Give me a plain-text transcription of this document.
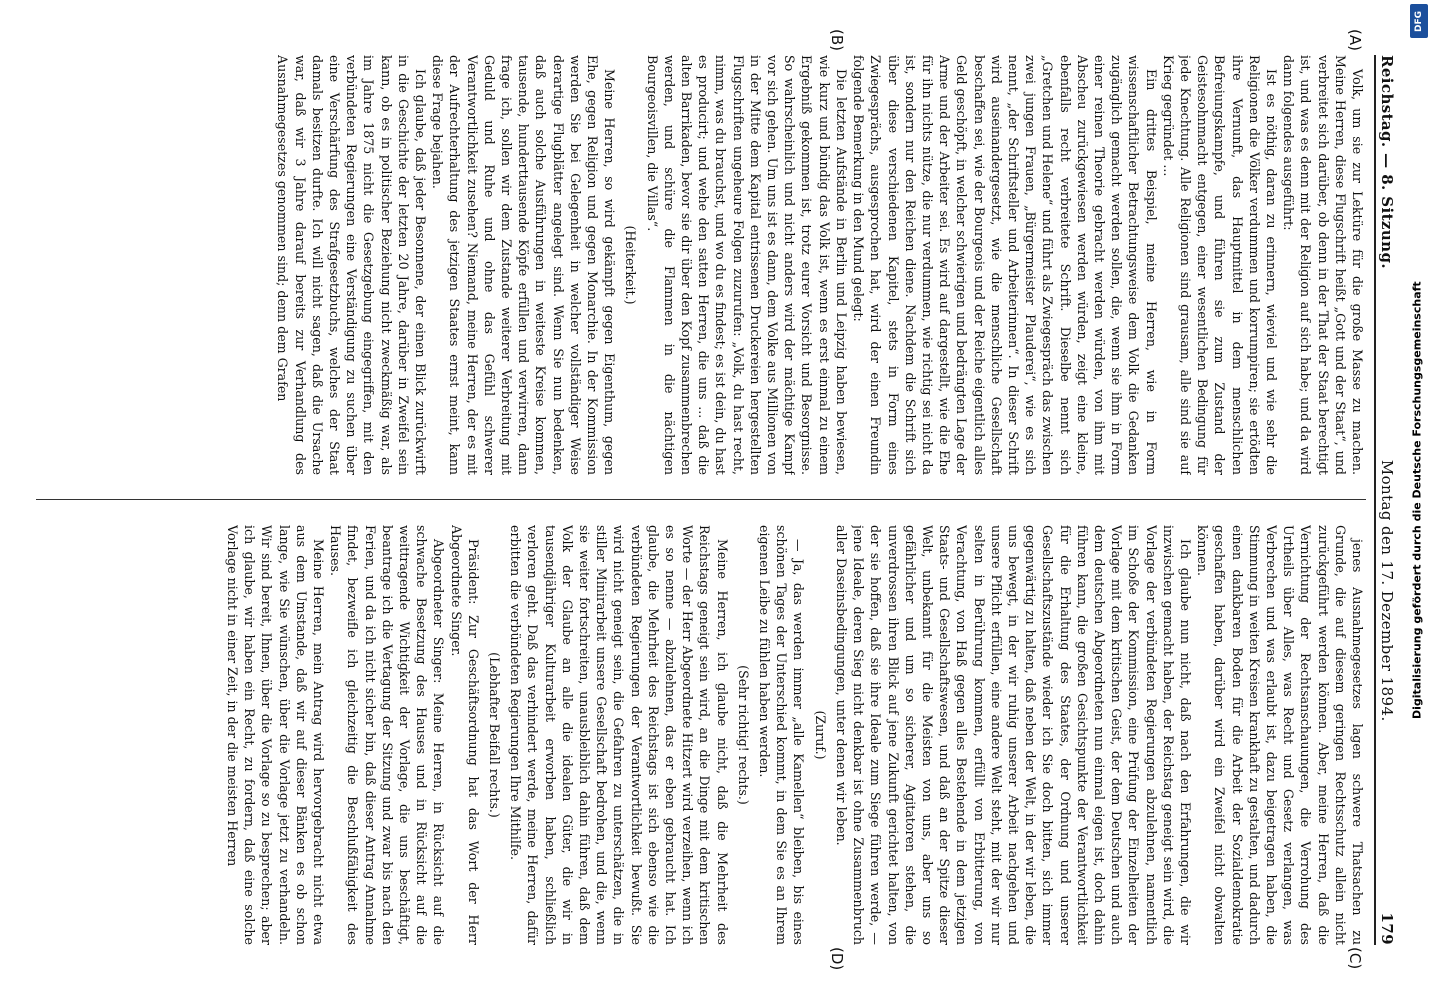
DFG
Digitalisierung gefördert durch die Deutsche Forschungsgemeinschaft
Reichstag. — 8. Sitzung.
Montag den 17. Dezember 1894.
179
(A)
(B)
(C)
(D)

Volk, um sie zur Lektüre für die große Masse zu machen. Meine Herren, diese Flugschrift heißt „Gott und der Staat“, und verbreitet sich darüber, ob denn in der That der Staat berechtigt ist, und was es denn mit der Religion auf sich habe; und da wird dann folgendes ausgeführt:

Ist es nöthig, daran zu erinnern, wieviel und wie sehr die Religionen die Völker verdummen und korrumpiren; sie ertödten ihre Vernunft, das Hauptmittel in dem menschlichen Befreiungskampfe, und führen sie zum Zustand der Geistesohnmacht entgegen, einer wesentlichen Bedingung für jede Knechtung. Alle Religionen sind grausam, alle sind sie auf Krieg gegründet ...

Ein drittes Beispiel, meine Herren, wie in Form wissenschaftlicher Betrachtungsweise dem Volk die Gedanken zugänglich gemacht werden sollen, die, wenn sie ihm in Form einer reinen Theorie gebracht werden würden, von ihm mit Abscheu zurückgewiesen werden würden, zeigt eine kleine, ebenfalls recht verbreitete Schrift. Dieselbe nennt sich „Gretchen und Helene“ und führt als Zwiegespräch das zwischen zwei jungen Frauen, „Bürgermeister Plauderei“, wie es sich nennt, „der Schriftsteller und Arbeiterinnen“. In dieser Schrift wird auseinandergesetzt, wie die menschliche Gesellschaft beschaffen sei, wie der Bourgeois und der Reiche eigentlich alles Geld geschöpft, in welcher schwierigen und bedrängten Lage der Arme und der Arbeiter sei. Es wird auf dargestellt, wie die Ehe für ihn nichts nütze, die nur verdummen, wie richtig sei nicht da ist, sondern nur den Reichen diene. Nachdem die Schrift sich über diese verschiedenen Kapitel, stets in Form eines Zwiegesprächs, ausgesprochen hat, wird der einen Freundin folgende Bemerkung in den Mund gelegt:

Die letzten Aufstände in Berlin und Leipzig haben bewiesen, wie kurz und bündig das Volk ist, wenn es erst einmal zu einem Ergebniß gekommen ist, trotz eurer Vorsicht und Besorgnisse. So wahrscheinlich und nicht anders wird der mächtige Kampf vor sich gehen. Um uns ist es dann, dem Volke aus Millionen von in der Mitte dem Kapital entrissenen Druckereien hergestellten Flugschriften ungeheure Folgen zuzurufen: „Volk, du hast recht, nimm, was du brauchst, und wo du es findest; es ist dein, du hast es producirt; und wehe den satten Herren, die uns ... daß die alten Barrikaden, bevor sie dir über den Kopf zusammenbrechen werden, und schüre die Flammen in die nächtigen Bourgeoisvillen, die Villas“.

(Heiterkeit.)

Meine Herren, so wird gekämpft gegen Eigenthum, gegen Ehe, gegen Religion und gegen Monarchie. In der Kommission werden Sie bei Gelegenheit in welcher vollständiger Weise derartige Flugblätter angelegt sind. Wenn Sie nun bedenken, daß auch solche Ausführungen in weiteste Kreise kommen, tausende, hunderttausende Köpfe erfüllen und verwirren, dann frage ich, sollen wir dem Zustande weiterer Verbreitung mit Geduld und Ruhe und ohne das Gefühl schwerer Verantwortlichkeit zusehen? Niemand, meine Herren, der es mit der Aufrechterhaltung des jetzigen Staates ernst meint, kann diese Frage bejahen.

Ich glaube, daß jeder Besonnene, der einen Blick zurückwirft in die Geschichte der letzten 20 Jahre, darüber in Zweifel sein kann, ob es in politischer Beziehung nicht zweckmäßig war, als im Jahre 1875 nicht die Gesetzgebung eingegriffen, mit den verbündeten Regierungen eine Verständigung zu suchen über eine Verschärfung des Strafgesetzbuchs, welches der Staat damals besitzen durfte. Ich will nicht sagen, daß die Ursache war, daß wir 3 Jahre darauf bereits zur Verhandlung des Ausnahmegesetzes genommen sind; denn dem Grafen

jenes Ausnahmegesetzes lagen schwere Thatsachen zu Grunde, die auf diesem geringen Rechtsschutz allein nicht zurückgeführt werden können. Aber, meine Herren, daß die Vernichtung der Rechtsanschauungen, die Verrohung des Urtheils über Alles, was Recht und Gesetz verlangen, was Verbrechen und was erlaubt ist, dazu beigetragen haben, die Stimmung in weiten Kreisen krankhaft zu gestalten, und dadurch einen dankbaren Boden für die Arbeit der Sozialdemokratie geschaffen haben, darüber wird ein Zweifel nicht obwalten können.

Ich glaube nun nicht, daß nach den Erfahrungen, die wir inzwischen gemacht haben, der Reichstag geneigt sein wird, die Vorlage der verbündeten Regierungen abzulehnen, namentlich im Schoße der Kommission, eine Prüfung der Einzelheiten der Vorlage mit dem kritischen Geist, der dem Deutschen und auch dem deutschen Abgeordneten nun einmal eigen ist, doch dahin führen kann, die großen Gesichtspunkte der Verantwortlichkeit für die Erhaltung des Staates, der Ordnung und unserer Gesellschaftszustände wieder ich Sie doch bitten, sich immer gegenwärtig zu halten, daß neben der Welt, in der wir leben, die uns bewegt, in der wir ruhig unserer Arbeit nachgehen und unsere Pflicht erfüllen, eine andere Welt steht, mit der wir nur selten in Berührung kommen, erfüllt von Erbitterung, von Verachtung, von Haß gegen alles Bestehende in dem jetzigen Staats- und Gesellschaftswesen, und daß an der Spitze dieser Welt, unbekannt für die Meisten von uns, aber uns so gefährlicher und um so sicherer, Agitatoren stehen, die unverdrossen ihren Blick auf jene Zukunft gerichtet halten, von der sie hoffen, daß sie ihre Ideale zum Siege führen werde, — jene Ideale, deren Sieg nicht denkbar ist ohne Zusammenbruch aller Daseinsbedingungen, unter denen wir leben.

(Zuruf.)

— Ja, das werden immer „alle Kamellen“ bleiben, bis eines schönen Tages der Unterschied kommt, in dem Sie es an Ihrem eigenen Leibe zu fühlen haben werden.

(Sehr richtig! rechts.)

Meine Herren, ich glaube nicht, daß die Mehrheit des Reichstags geneigt sein wird, an die Dinge mit dem kritischen Worte — der Herr Abgeordnete Hitzert wird verzeihen, wenn ich es so nenne — abzulehnen, das er eben gebraucht hat. Ich glaube, die Mehrheit des Reichstags ist sich ebenso wie die verbündeten Regierungen der Verantwortlichkeit bewußt. Sie wird nicht geneigt sein, die Gefahren zu unterschätzen, die in stiller Minirarbeit unsere Gesellschaft bedrohen, und die, wenn sie weiter fortschreiten, unausbleiblich dahin führen, daß dem Volk der Glaube an alle die idealen Güter, die wir in tausendjähriger Kulturarbeit erworben haben, schließlich verloren geht. Daß das verhindert werde, meine Herren, dafür erbitten die verbündeten Regierungen Ihre Mithilfe.

(Lebhafter Beifall rechts.)

Präsident: Zur Geschäftsordnung hat das Wort der Herr Abgeordnete Singer.

Abgeordneter Singer: Meine Herren, in Rücksicht auf die schwache Besetzung des Hauses und in Rücksicht auf die weittragende Wichtigkeit der Vorlage, die uns beschäftigt, beantrage ich die Vertagung der Sitzung und zwar bis nach den Ferien, und da ich nicht sicher bin, daß dieser Antrag Annahme findet, bezweifle ich gleichzeitig die Beschlußfähigkeit des Hauses.

Meine Herren, mein Antrag wird hervorgebracht nicht etwa aus dem Umstande, daß wir auf dieser Bänken es ob schon lange, wie Sie wünschen, über die Vorlage jetzt zu verhandeln. Wir sind bereit, Ihnen, über die Vorlage so zu besprechen; aber ich glaube, wir haben ein Recht, zu fordern, daß eine solche Vorlage nicht in einer Zeit, in der die meisten Herren
